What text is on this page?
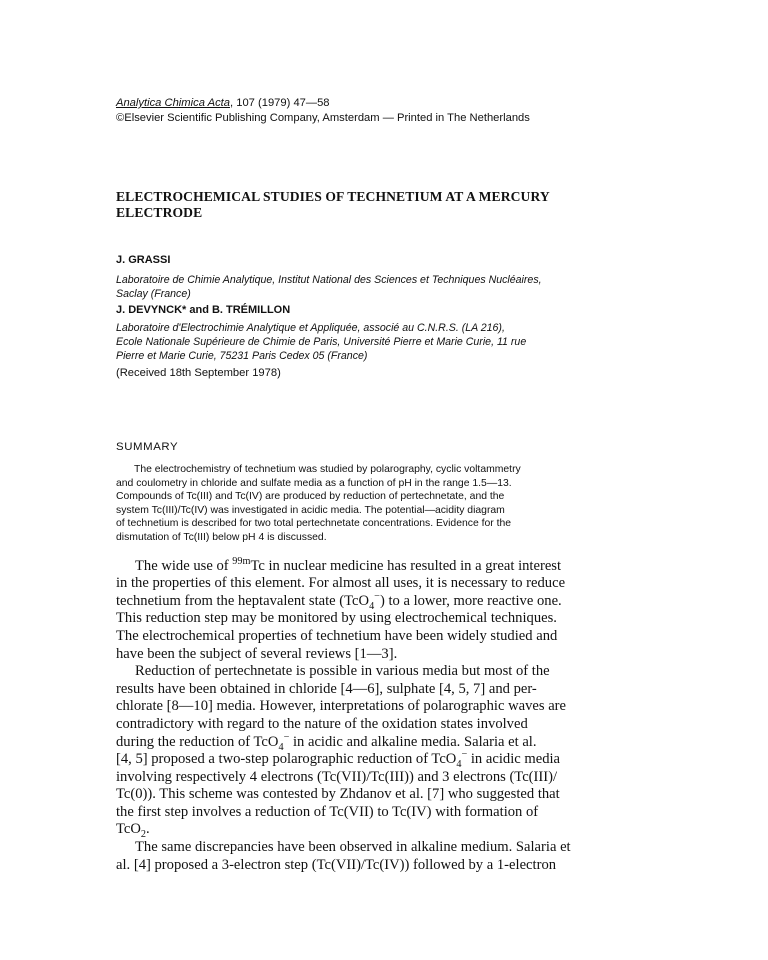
Analytica Chimica Acta, 107 (1979) 47—58
©Elsevier Scientific Publishing Company, Amsterdam — Printed in The Netherlands
ELECTROCHEMICAL STUDIES OF TECHNETIUM AT A MERCURY
ELECTRODE
J. GRASSI
Laboratoire de Chimie Analytique, Institut National des Sciences et Techniques Nucléaires,
Saclay (France)
J. DEVYNCK* and B. TRÉMILLON
Laboratoire d'Electrochimie Analytique et Appliquée, associé au C.N.R.S. (LA 216),
Ecole Nationale Supérieure de Chimie de Paris, Université Pierre et Marie Curie, 11 rue
Pierre et Marie Curie, 75231 Paris Cedex 05 (France)
(Received 18th September 1978)
SUMMARY
The electrochemistry of technetium was studied by polarography, cyclic voltammetry
and coulometry in chloride and sulfate media as a function of pH in the range 1.5—13.
Compounds of Tc(III) and Tc(IV) are produced by reduction of pertechnetate, and the
system Tc(III)/Tc(IV) was investigated in acidic media. The potential—acidity diagram
of technetium is described for two total pertechnetate concentrations. Evidence for the
dismutation of Tc(III) below pH 4 is discussed.
The wide use of $^{99m}$Tc in nuclear medicine has resulted in a great interest
in the properties of this element. For almost all uses, it is necessary to reduce
technetium from the heptavalent state (TcO$_4$−) to a lower, more reactive one.
This reduction step may be monitored by using electrochemical techniques.
The electrochemical properties of technetium have been widely studied and
have been the subject of several reviews [1—3].
Reduction of pertechnetate is possible in various media but most of the
results have been obtained in chloride [4—6], sulphate [4, 5, 7] and per-
chlorate [8—10] media. However, interpretations of polarographic waves are
contradictory with regard to the nature of the oxidation states involved
during the reduction of TcO$_4$− in acidic and alkaline media. Salaria et al.
[4, 5] proposed a two-step polarographic reduction of TcO$_4$− in acidic media
involving respectively 4 electrons (Tc(VII)/Tc(III)) and 3 electrons (Tc(III)/
Tc(0)). This scheme was contested by Zhdanov et al. [7] who suggested that
the first step involves a reduction of Tc(VII) to Tc(IV) with formation of
TcO$_2$.
The same discrepancies have been observed in alkaline medium. Salaria et
al. [4] proposed a 3-electron step (Tc(VII)/Tc(IV)) followed by a 1-electron
